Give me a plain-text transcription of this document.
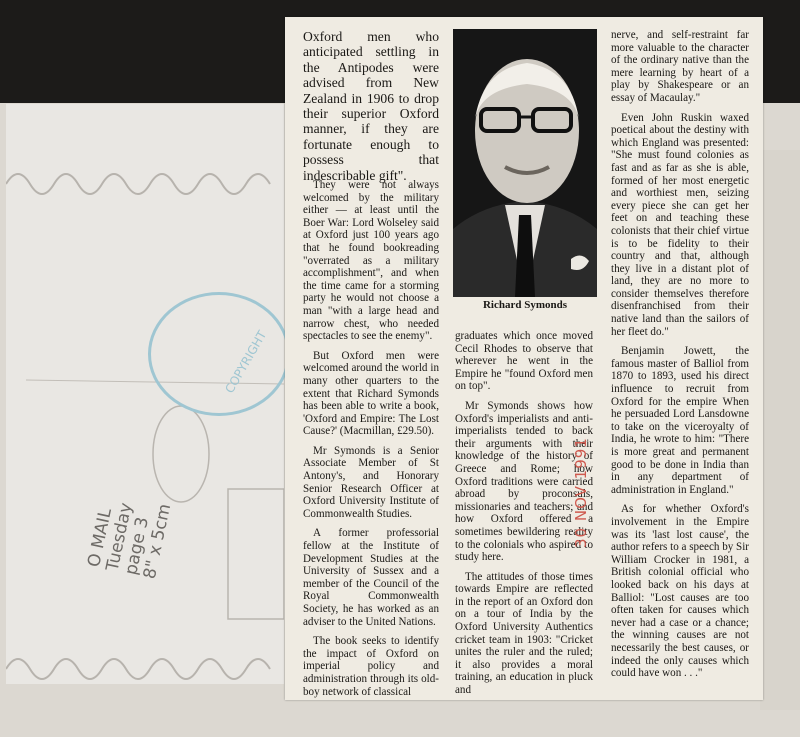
COPYRIGHT
O MAIL
Tuesday
page 3
8" x 5cm
Oxford men who anticipated settling in the Antipodes were advised from New Zealand in 1906 to drop their superior Oxford manner, if they are fortunate enough to possess that indescribable gift".

They were not always welcomed by the military either — at least until the Boer War: Lord Wolseley said at Oxford just 100 years ago that he found bookreading "overrated as a military accomplishment", and when the time came for a storming party he would not choose a man "with a large head and narrow chest, who needed spectacles to see the enemy".

But Oxford men were welcomed around the world in many other quarters to the extent that Richard Symonds has been able to write a book, 'Oxford and Empire: The Lost Cause?' (Macmillan, £29.50).

Mr Symonds is a Senior Associate Member of St Antony's, and Honorary Senior Research Officer at Oxford University Institute of Commonwealth Studies.

A former professorial fellow at the Institute of Development Studies at the University of Sussex and a member of the Council of the Royal Commonwealth Society, he has worked as an adviser to the United Nations.

The book seeks to identify the impact of Oxford on imperial policy and administration through its old-boy network of classical

Richard Symonds

graduates which once moved Cecil Rhodes to observe that wherever he went in the Empire he "found Oxford men on top".

Mr Symonds shows how Oxford's imperialists and anti-imperialists tended to back their arguments with their knowledge of the history of Greece and Rome; how Oxford traditions were carried abroad by proconsuls, missionaries and teachers; and how Oxford offered a sometimes bewildering reality to the colonials who aspired to study here.

The attitudes of those times towards Empire are reflected in the report of an Oxford don on a tour of India by the Oxford University Authentics cricket team in 1903: "Cricket unites the ruler and the ruled; it also provides a moral training, an education in pluck and

nerve, and self-restraint far more valuable to the character of the ordinary native than the mere learning by heart of a play by Shakespeare or an essay of Macaulay."

Even John Ruskin waxed poetical about the destiny with which England was presented: "She must found colonies as fast and as far as she is able, formed of her most energetic and worthiest men, seizing every piece she can get her feet on and teaching these colonists that their chief virtue is to be fidelity to their country and that, although they live in a distant plot of land, they are no more to consider themselves therefore disenfranchised from their native land than the sailors of her fleet do."

Benjamin Jowett, the famous master of Balliol from 1870 to 1893, used his direct influence to recruit from Oxford for the empire When he persuaded Lord Lansdowne to take on the viceroyalty of India, he wrote to him: "There is more great and permanent good to be done in India than in any department of administration in England."

As for whether Oxford's involvement in the Empire was its 'last lost cause', the author refers to a speech by Sir William Crocker in 1981, a British colonial official who looked back on his days at Balliol: "Lost causes are too often taken for causes which never had a case or a chance; the winning causes are not necessarily the best causes, or indeed the only causes which could have won . . ."

30 NOV 1991
